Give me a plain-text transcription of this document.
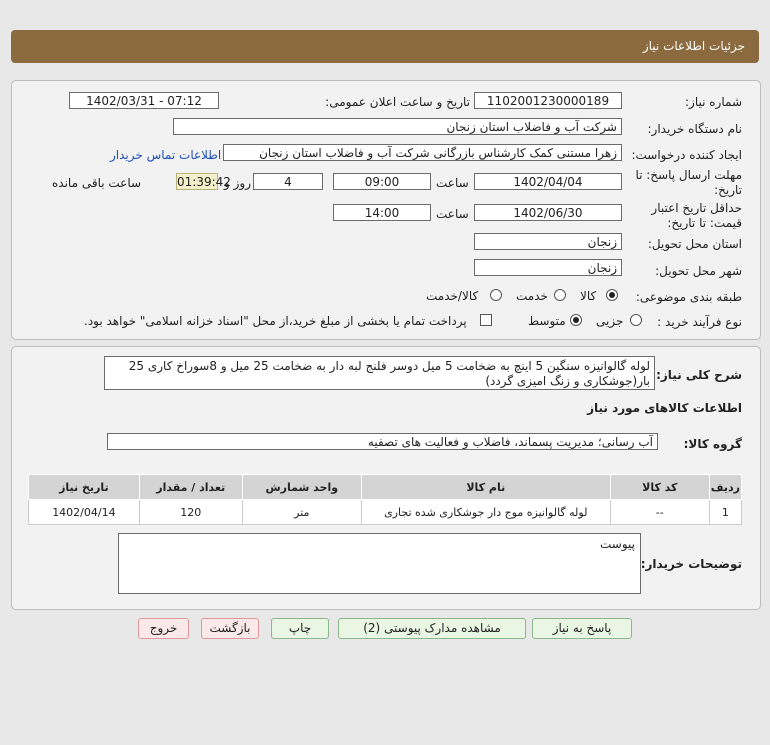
جزئیات اطلاعات نیاز
شماره نیاز:
1102001230000189
تاریخ و ساعت اعلان عمومی:
1402/03/31 - 07:12
نام دستگاه خریدار:
شرکت آب و فاضلاب استان زنجان
ایجاد کننده درخواست:
زهرا مستنی کمک کارشناس بازرگانی شرکت آب و فاضلاب استان زنجان
اطلاعات تماس خریدار
مهلت ارسال پاسخ: تا
تاریخ:
1402/04/04
ساعت
09:00
4
روز و
01:39:42
ساعت باقی مانده
حداقل تاریخ اعتبار
قیمت: تا تاریخ:
1402/06/30
ساعت
14:00
استان محل تحویل:
زنجان
شهر محل تحویل:
زنجان
طبقه بندی موضوعی:
کالا
خدمت
کالا/خدمت
نوع فرآیند خرید :
جزیی
متوسط
پرداخت تمام یا بخشی از مبلغ خرید،از محل "اسناد خزانه اسلامی" خواهد بود.
شرح کلی نیاز:
لوله گالوانیزه سنگین 5 اینچ به ضخامت 5 میل دوسر فلنج لبه دار به ضخامت 25 میل و 8سوراخ کاری 25
بار(جوشکاری و زنگ امیزی گردد)
اطلاعات کالاهای مورد نیاز
گروه کالا:
آب رسانی؛ مدیریت پسماند، فاضلاب و فعالیت های تصفیه
ردیف	کد کالا	نام کالا	واحد شمارش	تعداد / مقدار	تاریخ نیاز
1	--	لوله گالوانیزه موج دار جوشکاری شده تجاری	متر	120	1402/04/14
توضیحات خریدار:
پیوست
پاسخ به نیاز
مشاهده مدارک پیوستی (2)
چاپ
بازگشت
خروج
